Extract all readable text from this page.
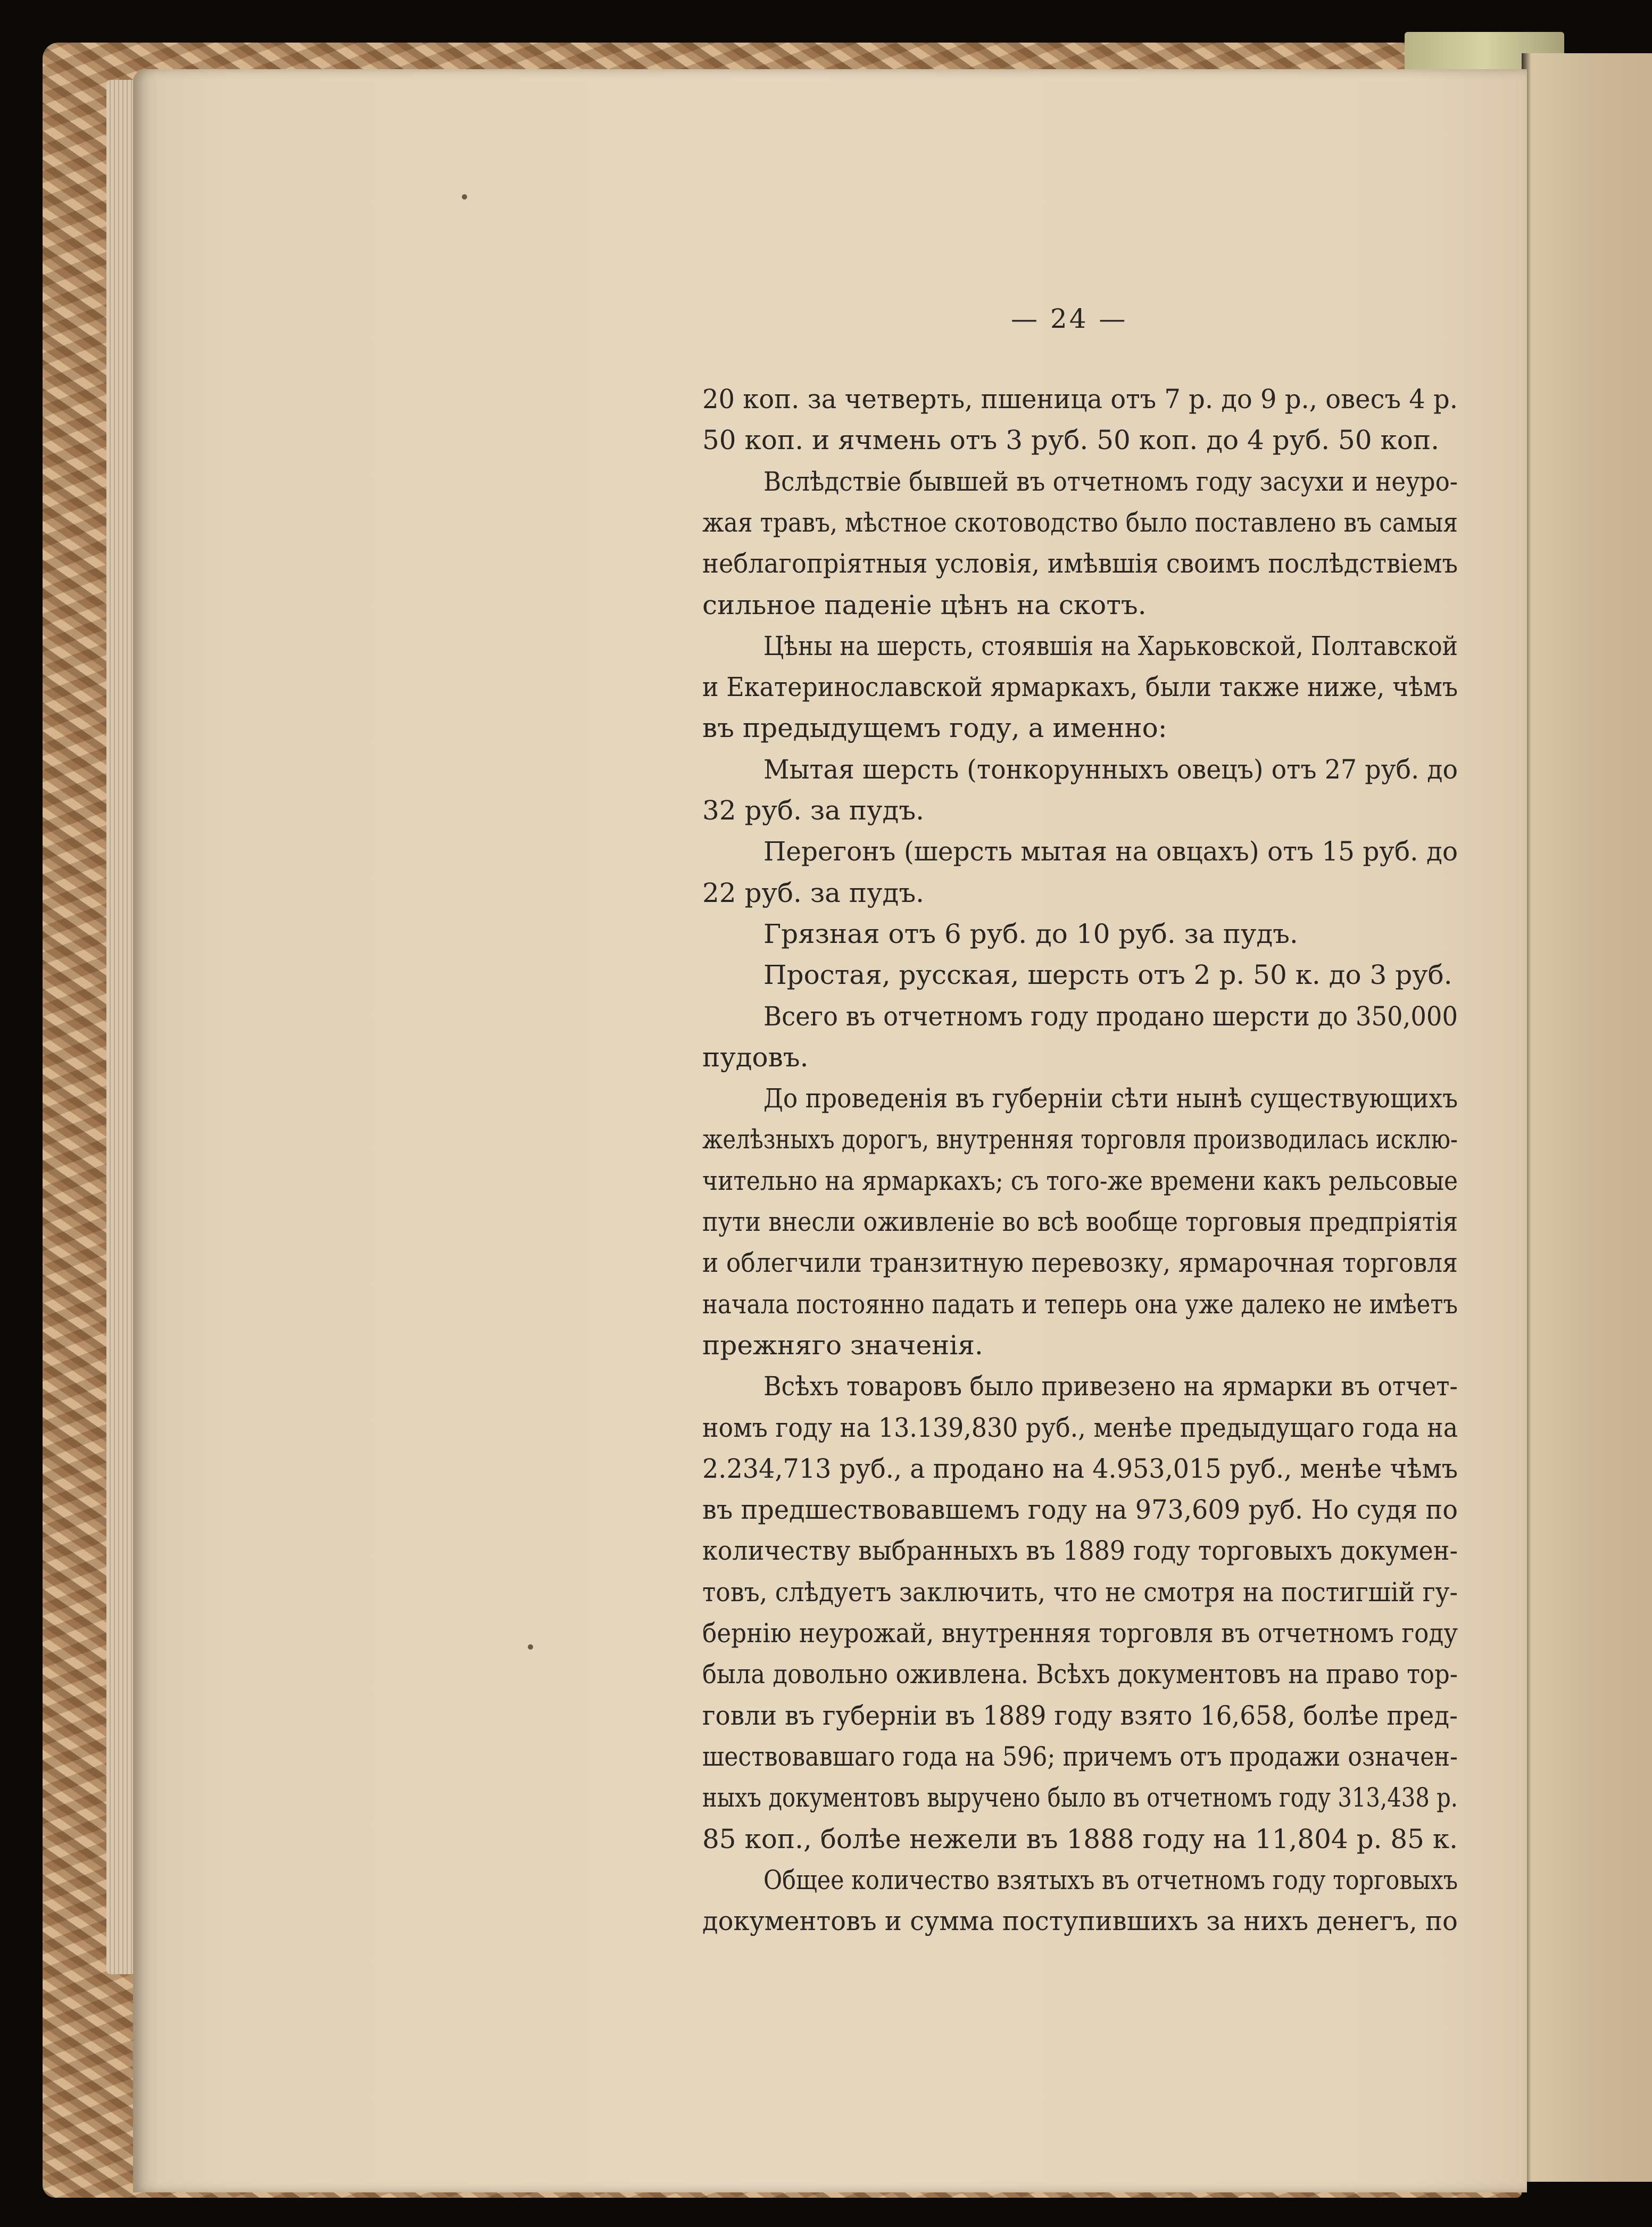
— 24 —
20 коп. за четверть, пшеница отъ 7 р. до 9 р., овесъ 4 р.
50 коп. и ячмень отъ 3 руб. 50 коп. до 4 руб. 50 коп.
Вслѣдствіе бывшей въ отчетномъ году засухи и неуро-
жая травъ, мѣстное скотоводство было поставлено въ самыя
неблагопріятныя условія, имѣвшія своимъ послѣдствіемъ
сильное паденіе цѣнъ на скотъ.
Цѣны на шерсть, стоявшія на Харьковской, Полтавской
и Екатеринославской ярмаркахъ, были также ниже, чѣмъ
въ предыдущемъ году, а именно:
Мытая шерсть (тонкорунныхъ овецъ) отъ 27 руб. до
32 руб. за пудъ.
Перегонъ (шерсть мытая на овцахъ) отъ 15 руб. до
22 руб. за пудъ.
Грязная отъ 6 руб. до 10 руб. за пудъ.
Простая, русская, шерсть отъ 2 р. 50 к. до 3 руб.
Всего въ отчетномъ году продано шерсти до 350,000
пудовъ.
До проведенія въ губерніи сѣти нынѣ существующихъ
желѣзныхъ дорогъ, внутренняя торговля производилась исклю-
чительно на ярмаркахъ; съ того-же времени какъ рельсовые
пути внесли оживленіе во всѣ вообще торговыя предпріятія
и облегчили транзитную перевозку, ярмарочная торговля
начала постоянно падать и теперь она уже далеко не имѣетъ
прежняго значенія.
Всѣхъ товаровъ было привезено на ярмарки въ отчет-
номъ году на 13.139,830 руб., менѣе предыдущаго года на
2.234,713 руб., а продано на 4.953,015 руб., менѣе чѣмъ
въ предшествовавшемъ году на 973,609 руб. Но судя по
количеству выбранныхъ въ 1889 году торговыхъ докумен-
товъ, слѣдуетъ заключить, что не смотря на постигшій гу-
бернію неурожай, внутренняя торговля въ отчетномъ году
была довольно оживлена. Всѣхъ документовъ на право тор-
говли въ губерніи въ 1889 году взято 16,658, болѣе пред-
шествовавшаго года на 596; причемъ отъ продажи означен-
ныхъ документовъ выручено было въ отчетномъ году 313,438 р.
85 коп., болѣе нежели въ 1888 году на 11,804 р. 85 к.
Общее количество взятыхъ въ отчетномъ году торговыхъ
документовъ и сумма поступившихъ за нихъ денегъ, по
